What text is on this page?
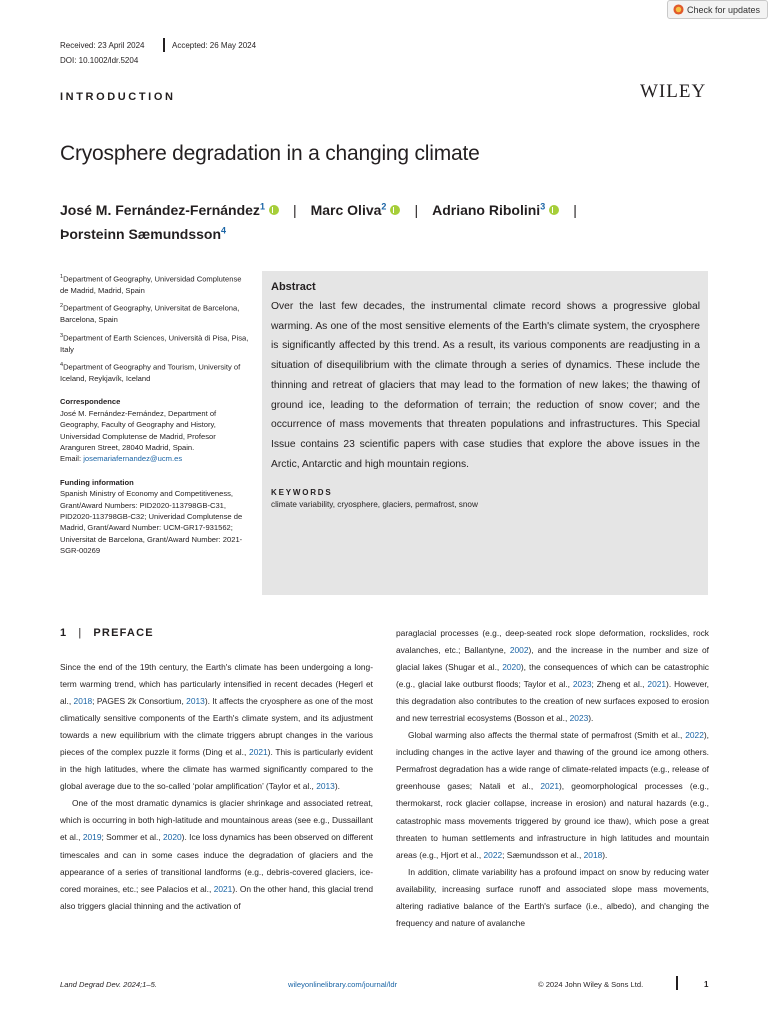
Check for updates
Received: 23 April 2024	Accepted: 26 May 2024
DOI: 10.1002/ldr.5204
INTRODUCTION	WILEY
Cryosphere degradation in a changing climate
José M. Fernández-Fernández$^1$ | Marc Oliva$^2$ | Adriano Ribolini$^3$ |
Þorsteinn Sæmundsson$^4$
$^1$Department of Geography, Universidad Complutense de Madrid, Madrid, Spain
$^2$Department of Geography, Universitat de Barcelona, Barcelona, Spain
$^3$Department of Earth Sciences, Università di Pisa, Pisa, Italy
$^4$Department of Geography and Tourism, University of Iceland, Reykjavík, Iceland
Correspondence
José M. Fernández-Fernández, Department of Geography, Faculty of Geography and History, Universidad Complutense de Madrid, Profesor Aranguren Street, 28040 Madrid, Spain.
Email: josemariafernandez@ucm.es
Funding information
Spanish Ministry of Economy and Competitiveness, Grant/Award Numbers: PID2020-113798GB-C31, PID2020-113798GB-C32; Univeridad Complutense de Madrid, Grant/Award Number: UCM-GR17-931562; Universitat de Barcelona, Grant/Award Number: 2021-SGR-00269
Abstract
Over the last few decades, the instrumental climate record shows a progressive global warming. As one of the most sensitive elements of the Earth's climate system, the cryosphere is significantly affected by this trend. As a result, its various components are readjusting in a situation of disequilibrium with the climate through a series of dynamics. These include the thinning and retreat of glaciers that may lead to the formation of new lakes; the thawing of ground ice, leading to the deformation of terrain; the reduction of snow cover; and the occurrence of mass movements that threaten populations and infrastructures. This Special Issue contains 23 scientific papers with case studies that explore the above issues in the Arctic, Antarctic and high mountain regions.
KEYWORDS
climate variability, cryosphere, glaciers, permafrost, snow
1 | PREFACE

Since the end of the 19th century, the Earth's climate has been undergoing a long-term warming trend, which has particularly intensified in recent decades (Hegerl et al., 2018; PAGES 2k Consortium, 2013). It affects the cryosphere as one of the most climatically sensitive components of the Earth's climate system, and its adjustment towards a new equilibrium with the climate triggers abrupt changes in the various pieces of the complex puzzle it forms (Ding et al., 2021). This is particularly evident in the high latitudes, where the climate has warmed significantly compared to the global average due to the so-called ‘polar amplification’ (Taylor et al., 2013).

One of the most dramatic dynamics is glacier shrinkage and associated retreat, which is occurring in both high-latitude and mountainous areas (see e.g., Dussaillant et al., 2019; Sommer et al., 2020). Ice loss dynamics has been observed on different timescales and can in some cases induce the degradation of glaciers and the appearance of a series of transitional landforms (e.g., debris-covered glaciers, ice-cored moraines, etc.; see Palacios et al., 2021). On the other hand, this glacial trend also triggers glacial thinning and the activation of

paraglacial processes (e.g., deep-seated rock slope deformation, rockslides, rock avalanches, etc.; Ballantyne, 2002), and the increase in the number and size of glacial lakes (Shugar et al., 2020), the consequences of which can be catastrophic (e.g., glacial lake outburst floods; Taylor et al., 2023; Zheng et al., 2021). However, this degradation also contributes to the creation of new surfaces exposed to erosion and new terrestrial ecosystems (Bosson et al., 2023).

Global warming also affects the thermal state of permafrost (Smith et al., 2022), including changes in the active layer and thawing of the ground ice among others. Permafrost degradation has a wide range of climate-related impacts (e.g., release of greenhouse gases; Natali et al., 2021), geomorphological processes (e.g., thermokarst, rock glacier collapse, increase in erosion) and natural hazards (e.g., catastrophic mass movements triggered by ground ice thaw), which pose a great threaten to human settlements and infrastructure in high latitudes and mountain areas (e.g., Hjort et al., 2022; Sæmundsson et al., 2018).

In addition, climate variability has a profound impact on snow by reducing water availability, increasing surface runoff and associated slope mass movements, altering radiative balance of the Earth's surface (i.e., albedo), and changing the frequency and nature of avalanche

Land Degrad Dev. 2024;1–5.	wileyonlinelibrary.com/journal/ldr	© 2024 John Wiley & Sons Ltd.	1
